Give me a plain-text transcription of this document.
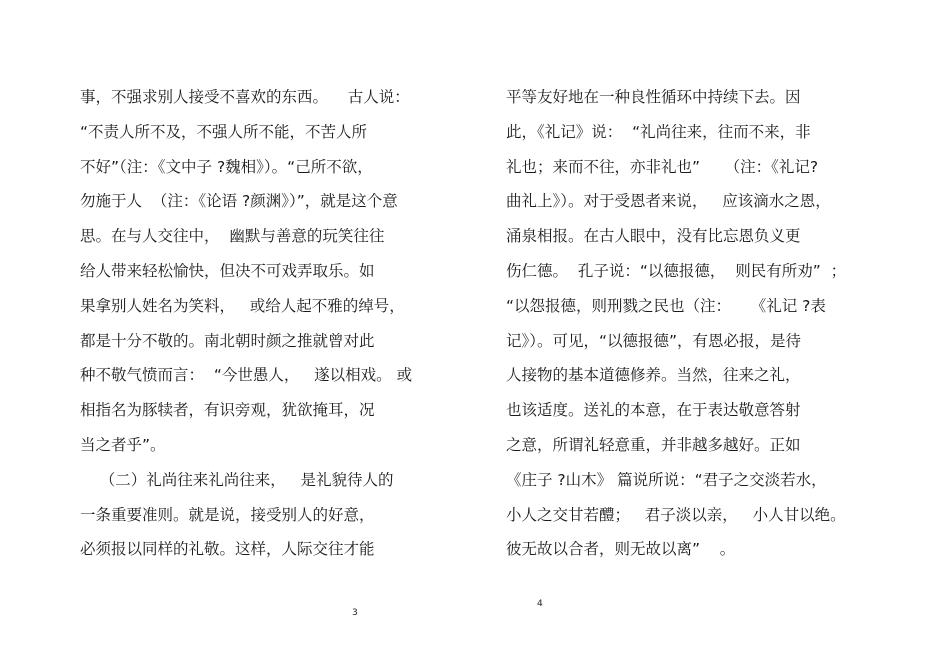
事，不强求别人接受不喜欢的东西。    古人说：
“不责人所不及，不强人所不能，不苦人所
不好”（注：《文中子 ?魏相》）。“己所不欲，
勿施于人  （注：《论语 ?颜渊》）”，就是这个意
思。在与人交往中，  幽默与善意的玩笑往往
给人带来轻松愉快，但决不可戏弄取乐。如
果拿别人姓名为笑料，   或给人起不雅的绰号，
都是十分不敬的。南北朝时颜之推就曾对此
种不敬气愤而言：  “今世愚人，   遂以相戏。 或
相指名为豚犊者，有识旁观，犹欲掩耳，况
当之者乎”。
（二）礼尚往来礼尚往来，   是礼貌待人的
一条重要准则。就是说，接受别人的好意，
必须报以同样的礼敬。这样，人际交往才能
平等友好地在一种良性循环中持续下去。因
此，《礼记》说：  “礼尚往来，往而不来，非
礼也；来而不往，亦非礼也”     （注：《礼记?
曲礼上》）。对于受恩者来说，   应该滴水之恩，
涌泉相报。在古人眼中，没有比忘恩负义更
伤仁德。  孔子说：“以德报德，  则民有所劝”  ；
“以怨报德，则刑戮之民也（注：    《礼记 ?表
记》）。可见，“以德报德”，有恩必报，是待
人接物的基本道德修养。当然，往来之礼，
也该适度。送礼的本意，在于表达敬意答射
之意，所谓礼轻意重，并非越多越好。正如
《庄子 ?山木》 篇说所说：“君子之交淡若水，
小人之交甘若醴；   君子淡以亲，   小人甘以绝。
彼无故以合者，则无故以离”    。
3
4
